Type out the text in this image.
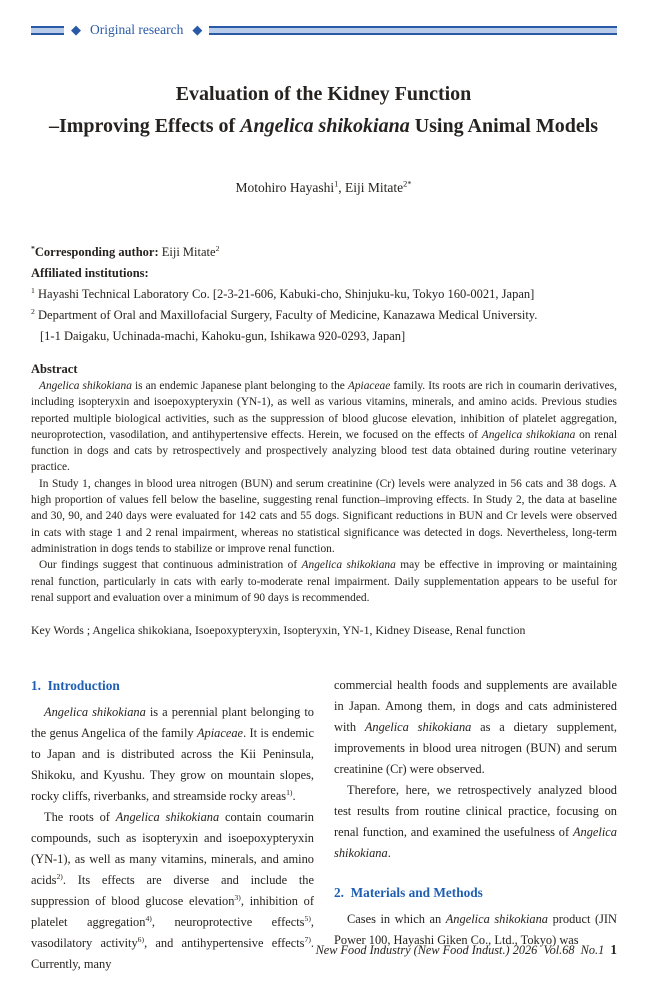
◆ Original research ◆
Evaluation of the Kidney Function
–Improving Effects of Angelica shikokiana Using Animal Models

Motohiro Hayashi$^1$, Eiji Mitate$^{2*}$

*Corresponding author: Eiji Mitate$^2$

Affiliated institutions:

$^1$ Hayashi Technical Laboratory Co. [2-3-21-606, Kabuki-cho, Shinjuku-ku, Tokyo 160-0021, Japan]

$^2$ Department of Oral and Maxillofacial Surgery, Faculty of Medicine, Kanazawa Medical University.

[1-1 Daigaku, Uchinada-machi, Kahoku-gun, Ishikawa 920-0293, Japan]

Abstract

Angelica shikokiana is an endemic Japanese plant belonging to the Apiaceae family. Its roots are rich in coumarin derivatives, including isopteryxin and isoepoxypteryxin (YN-1), as well as various vitamins, minerals, and amino acids. Previous studies reported multiple biological activities, such as the suppression of blood glucose elevation, inhibition of platelet aggregation, neuroprotection, vasodilation, and antihypertensive effects. Herein, we focused on the effects of Angelica shikokiana on renal function in dogs and cats by retrospectively and prospectively analyzing blood test data obtained during routine veterinary practice.

In Study 1, changes in blood urea nitrogen (BUN) and serum creatinine (Cr) levels were analyzed in 56 cats and 38 dogs. A high proportion of values fell below the baseline, suggesting renal function–improving effects. In Study 2, the data at baseline and 30, 90, and 240 days were evaluated for 142 cats and 55 dogs. Significant reductions in BUN and Cr levels were observed in cats with stage 1 and 2 renal impairment, whereas no statistical significance was detected in dogs. Nevertheless, long-term administration in dogs tends to stabilize or improve renal function.

Our findings suggest that continuous administration of Angelica shikokiana may be effective in improving or maintaining renal function, particularly in cats with early to-moderate renal impairment. Daily supplementation appears to be useful for renal support and evaluation over a minimum of 90 days is recommended.

Key Words ; Angelica shikokiana, Isoepoxypteryxin, Isopteryxin, YN-1, Kidney Disease, Renal function

1.  Introduction

Angelica shikokiana is a perennial plant belonging to the genus Angelica of the family Apiaceae. It is endemic to Japan and is distributed across the Kii Peninsula, Shikoku, and Kyushu. They grow on mountain slopes, rocky cliffs, riverbanks, and streamside rocky areas$^{1)}$.

The roots of Angelica shikokiana contain coumarin compounds, such as isopteryxin and isoepoxypteryxin (YN-1), as well as many vitamins, minerals, and amino acids$^{2)}$. Its effects are diverse and include the suppression of blood glucose elevation$^{3)}$, inhibition of platelet aggregation$^{4)}$, neuroprotective effects$^{5)}$, vasodilatory activity$^{6)}$, and antihypertensive effects$^{7)}$. Currently, many

commercial health foods and supplements are available in Japan. Among them, in dogs and cats administered with Angelica shikokiana as a dietary supplement, improvements in blood urea nitrogen (BUN) and serum creatinine (Cr) were observed.

Therefore, here, we retrospectively analyzed blood test results from routine clinical practice, focusing on renal function, and examined the usefulness of Angelica shikokiana.

2.  Materials and Methods

Cases in which an Angelica shikokiana product (JIN Power 100, Hayashi Giken Co., Ltd., Tokyo) was

New Food Industry (New Food Indust.) 2026  Vol.68  No.1  1
